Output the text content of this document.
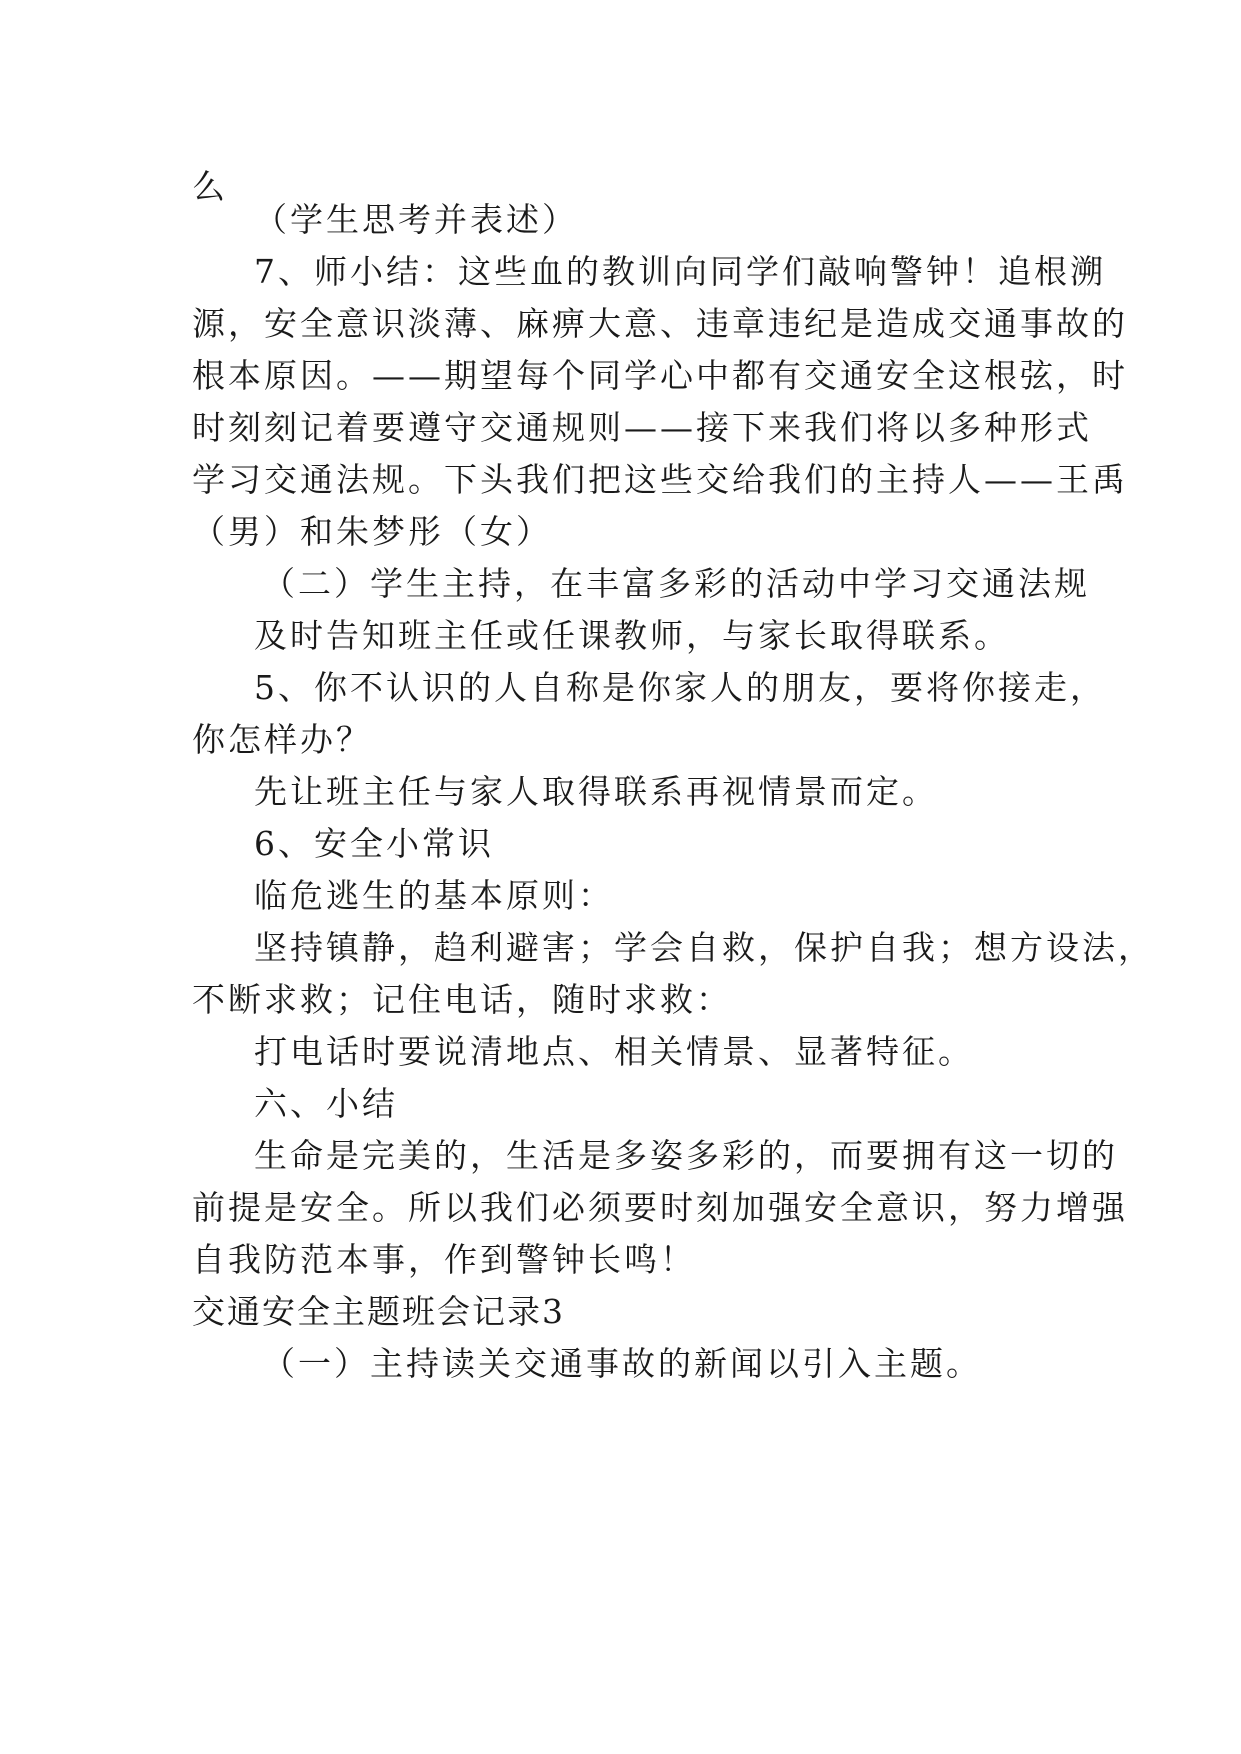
么
（学生思考并表述）
7、师小结：这些血的教训向同学们敲响警钟！追根溯
源，安全意识淡薄、麻痹大意、违章违纪是造成交通事故的
根本原因。——期望每个同学心中都有交通安全这根弦，时
时刻刻记着要遵守交通规则——接下来我们将以多种形式
学习交通法规。下头我们把这些交给我们的主持人——王禹
（男）和朱梦彤（女）
（二）学生主持，在丰富多彩的活动中学习交通法规
及时告知班主任或任课教师，与家长取得联系。
5、你不认识的人自称是你家人的朋友，要将你接走，
你怎样办？
先让班主任与家人取得联系再视情景而定。
6、安全小常识
临危逃生的基本原则：
坚持镇静，趋利避害；学会自救，保护自我；想方设法，
不断求救；记住电话，随时求救：
打电话时要说清地点、相关情景、显著特征。
六、小结
生命是完美的，生活是多姿多彩的，而要拥有这一切的
前提是安全。所以我们必须要时刻加强安全意识，努力增强
自我防范本事，作到警钟长鸣！
交通安全主题班会记录3
（一）主持读关交通事故的新闻以引入主题。
